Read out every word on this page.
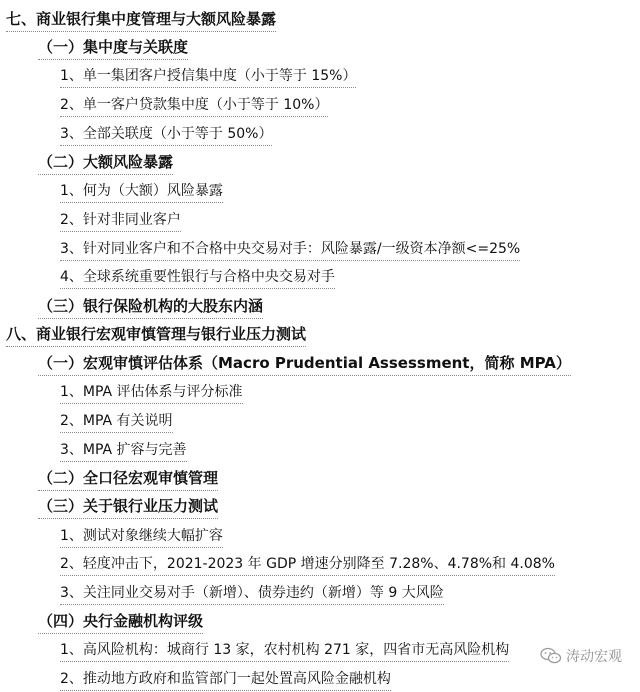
七、商业银行集中度管理与大额风险暴露
（一）集中度与关联度
1、单一集团客户授信集中度（小于等于 15%）
2、单一客户贷款集中度（小于等于 10%）
3、全部关联度（小于等于 50%）
（二）大额风险暴露
1、何为（大额）风险暴露
2、针对非同业客户
3、针对同业客户和不合格中央交易对手：风险暴露/一级资本净额<=25%
4、全球系统重要性银行与合格中央交易对手
（三）银行保险机构的大股东内涵
八、商业银行宏观审慎管理与银行业压力测试
（一）宏观审慎评估体系（Macro Prudential Assessment，简称 MPA）
1、MPA 评估体系与评分标准
2、MPA 有关说明
3、MPA 扩容与完善
（二）全口径宏观审慎管理
（三）关于银行业压力测试
1、测试对象继续大幅扩容
2、轻度冲击下，2021-2023 年 GDP 增速分别降至 7.28%、4.78%和 4.08%
3、关注同业交易对手（新增）、债券违约（新增）等 9 大风险
（四）央行金融机构评级
1、高风险机构：城商行 13 家，农村机构 271 家，四省市无高风险机构
2、推动地方政府和监管部门一起处置高风险金融机构
涛动宏观
